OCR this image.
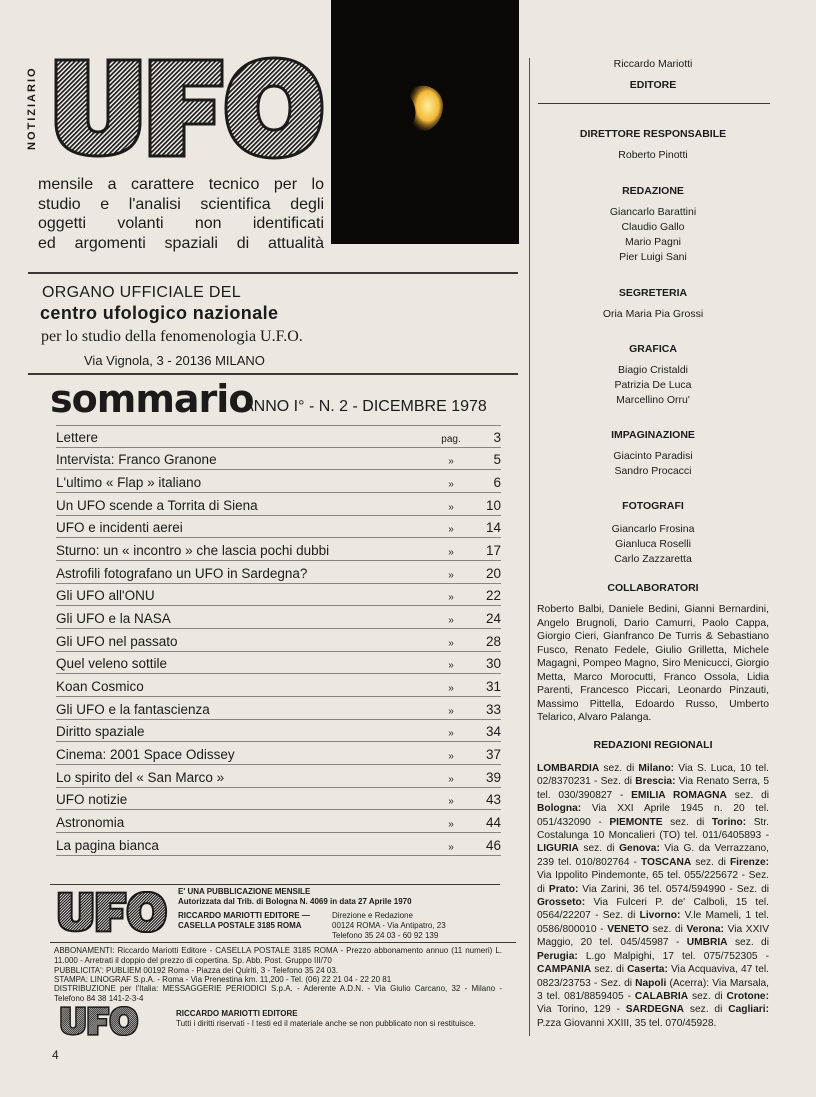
NOTIZIARIO
mensile a carattere tecnico per lo
studio e l'analisi scientifica degli
oggetti volanti non identificati
ed argomenti spaziali di attualità
ORGANO UFFICIALE DEL
centro ufologico nazionale
per lo studio della fenomenologia U.F.O.
Via Vignola, 3 - 20136 MILANO
sommario
ANNO I° - N. 2 - DICEMBRE 1978
Lettere	pag.	3
Intervista: Franco Granone	»	5
L'ultimo « Flap » italiano	»	6
Un UFO scende a Torrita di Siena	»	10
UFO e incidenti aerei	»	14
Sturno: un « incontro » che lascia pochi dubbi	»	17
Astrofili fotografano un UFO in Sardegna?	»	20
Gli UFO all'ONU	»	22
Gli UFO e la NASA	»	24
Gli UFO nel passato	»	28
Quel veleno sottile	»	30
Koan Cosmico	»	31
Gli UFO e la fantascienza	»	33
Diritto spaziale	»	34
Cinema: 2001 Space Odissey	»	37
Lo spirito del « San Marco »	»	39
UFO notizie	»	43
Astronomia	»	44
La pagina bianca	»	46
E' UNA PUBBLICAZIONE MENSILE
Autorizzata dal Trib. di Bologna N. 4069 in data 27 Aprile 1970
RICCARDO MARIOTTI EDITORE —
CASELLA POSTALE 3185 ROMA
Direzione e Redazione
00124 ROMA - Via Antipatro, 23
Telefono 35 24 03 - 60 92 139
ABBONAMENTI: Riccardo Mariotti Editore - CASELLA POSTALE 3185 ROMA - Prezzo abbonamento annuo (11 numeri) L. 11.000 - Arretrati il doppio del prezzo di copertina. Sp. Abb. Post. Gruppo III/70
PUBBLICITA': PUBLIEM 00192 Roma - Piazza dei Quiriti, 3 - Telefono 35 24 03.
STAMPA: LINOGRAF S.p.A. - Roma - Via Prenestina km. 11,200 - Tel. (06) 22 21 04 - 22 20 81
DISTRIBUZIONE per l'Italia: MESSAGGERIE PERIODICI S.p.A. - Aderente A.D.N. - Via Giulio Carcano, 32 - Milano - Telefono 84 38 141-2-3-4
RICCARDO MARIOTTI EDITORE
Tutti i diritti riservati - I testi ed il materiale anche se non pubblicato non si restituisce.
4
Riccardo Mariotti
EDITORE
DIRETTORE RESPONSABILE
Roberto Pinotti
REDAZIONE
Giancarlo Barattini
Claudio Gallo
Mario Pagni
Pier Luigi Sani
SEGRETERIA
Oria Maria Pia Grossi
GRAFICA
Biagio Cristaldi
Patrizia De Luca
Marcellino Orru'
IMPAGINAZIONE
Giacinto Paradisi
Sandro Procacci
FOTOGRAFI
Giancarlo Frosina
Gianluca Roselli
Carlo Zazzaretta
COLLABORATORI
Roberto Balbi, Daniele Bedini, Gianni Bernardini, Angelo Brugnoli, Dario Camurri, Paolo Cappa, Giorgio Cieri, Gianfranco De Turris & Sebastiano Fusco, Renato Fedele, Giulio Grilletta, Michele Magagni, Pompeo Magno, Siro Menicucci, Giorgio Metta, Marco Morocutti, Franco Ossola, Lidia Parenti, Francesco Piccari, Leonardo Pinzauti, Massimo Pittella, Edoardo Russo, Umberto Telarico, Alvaro Palanga.
REDAZIONI REGIONALI
LOMBARDIA sez. di Milano: Via S. Luca, 10 tel. 02/8370231 - Sez. di Brescia: Via Renato Serra, 5 tel. 030/390827 - EMILIA ROMAGNA sez. di Bologna: Via XXI Aprile 1945 n. 20 tel. 051/432090 - PIEMONTE sez. di Torino: Str. Costalunga 10 Moncalieri (TO) tel. 011/6405893 - LIGURIA sez. di Genova: Via G. da Verrazzano, 239 tel. 010/802764 - TOSCANA sez. di Firenze: Via Ippolito Pindemonte, 65 tel. 055/225672 - Sez. di Prato: Via Zarini, 36 tel. 0574/594990 - Sez. di Grosseto: Via Fulceri P. de' Calboli, 15 tel. 0564/22207 - Sez. di Livorno: V.le Mameli, 1 tel. 0586/800010 - VENETO sez. di Verona: Via XXIV Maggio, 20 tel. 045/45987 - UMBRIA sez. di Perugia: L.go Malpighi, 17 tel. 075/752305 - CAMPANIA sez. di Caserta: Via Acquaviva, 47 tel. 0823/23753 - Sez. di Napoli (Acerra): Via Marsala, 3 tel. 081/8859405 - CALABRIA sez. di Crotone: Via Torino, 129 - SARDEGNA sez. di Cagliari: P.zza Giovanni XXIII, 35 tel. 070/45928.
